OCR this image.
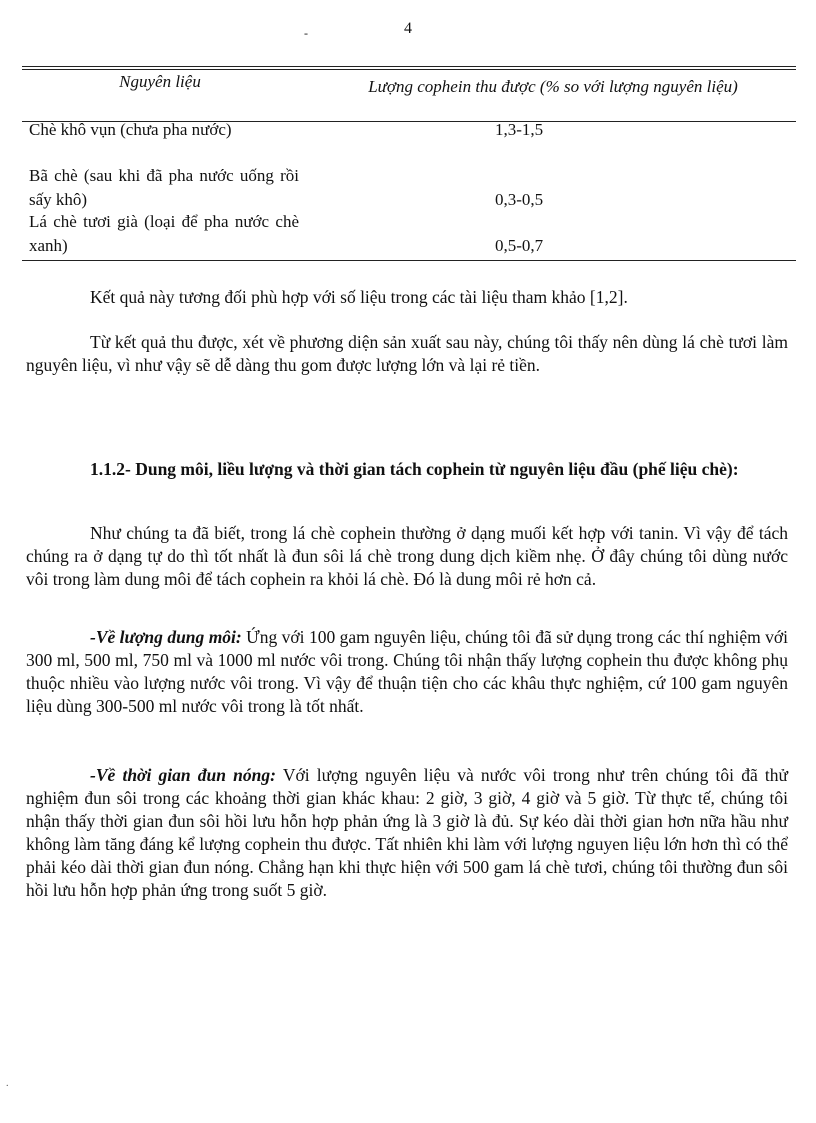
4
-
Nguyên liệu	Lượng cophein thu được (% so với lượng nguyên liệu)
Chè khô vụn (chưa pha nước)	1,3-1,5
Bã chè (sau khi đã pha nước uống rồi sấy khô)	0,3-0,5
Lá chè tươi già (loại để pha nước chè xanh)	0,5-0,7

Kết quả này tương đối phù hợp với số liệu trong các tài liệu tham khảo [1,2].

Từ kết quả thu được, xét về phương diện sản xuất sau này, chúng tôi thấy nên dùng lá chè tươi làm nguyên liệu, vì như vậy sẽ dễ dàng thu gom được lượng lớn và lại rẻ tiền.

1.1.2- Dung môi, liều lượng và thời gian tách cophein từ nguyên liệu đầu (phế liệu chè):

Như chúng ta đã biết, trong lá chè cophein thường ở dạng muối kết hợp với tanin. Vì vậy để tách chúng ra ở dạng tự do thì tốt nhất là đun sôi lá chè trong dung dịch kiềm nhẹ. Ở đây chúng tôi dùng nước vôi trong làm dung môi để tách cophein ra khỏi lá chè. Đó là dung môi rẻ hơn cả.

-Về lượng dung môi: Ứng với 100 gam nguyên liệu, chúng tôi đã sử dụng trong các thí nghiệm với 300 ml, 500 ml, 750 ml và 1000 ml nước vôi trong. Chúng tôi nhận thấy lượng cophein thu được không phụ thuộc nhiều vào lượng nước vôi trong. Vì vậy để thuận tiện cho các khâu thực nghiệm, cứ 100 gam nguyên liệu dùng 300-500 ml nước vôi trong là tốt nhất.

-Về thời gian đun nóng: Với lượng nguyên liệu và nước vôi trong như trên chúng tôi đã thử nghiệm đun sôi trong các khoảng thời gian khác khau: 2 giờ, 3 giờ, 4 giờ và 5 giờ. Từ thực tế, chúng tôi nhận thấy thời gian đun sôi hồi lưu hỗn hợp phản ứng là 3 giờ là đủ. Sự kéo dài thời gian hơn nữa hầu như không làm tăng đáng kể lượng cophein thu được. Tất nhiên khi làm với lượng nguyen liệu lớn hơn thì có thể phải kéo dài thời gian đun nóng. Chẳng hạn khi thực hiện với 500 gam lá chè tươi, chúng tôi thường đun sôi hồi lưu hỗn hợp phản ứng trong suốt 5 giờ.

.
